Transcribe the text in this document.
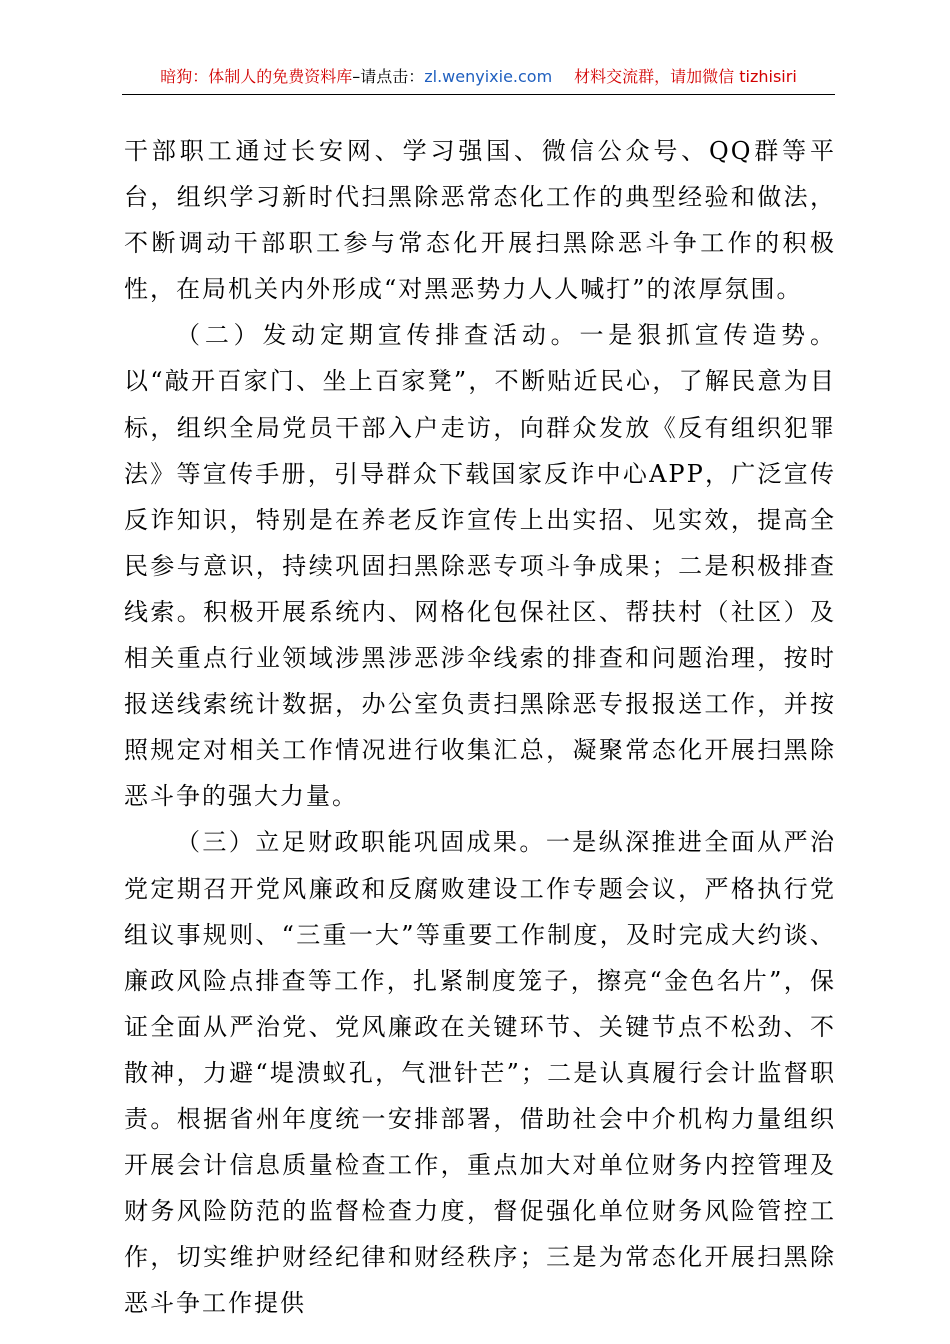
暗狗：体制人的免费资料库–请点击：zl.wenyixie.com 材料交流群，请加微信 tizhisiri

干部职工通过长安网、学习强国、微信公众号、QQ群等平台，组织学习新时代扫黑除恶常态化工作的典型经验和做法，不断调动干部职工参与常态化开展扫黑除恶斗争工作的积极性，在局机关内外形成“对黑恶势力人人喊打”的浓厚氛围。

（二）发动定期宣传排查活动。一是狠抓宣传造势。以“敲开百家门、坐上百家凳”，不断贴近民心，了解民意为目标，组织全局党员干部入户走访，向群众发放《反有组织犯罪法》等宣传手册，引导群众下载国家反诈中心APP，广泛宣传反诈知识，特别是在养老反诈宣传上出实招、见实效，提高全民参与意识，持续巩固扫黑除恶专项斗争成果；二是积极排查线索。积极开展系统内、网格化包保社区、帮扶村（社区）及相关重点行业领域涉黑涉恶涉伞线索的排查和问题治理，按时报送线索统计数据，办公室负责扫黑除恶专报报送工作，并按照规定对相关工作情况进行收集汇总，凝聚常态化开展扫黑除恶斗争的强大力量。

（三）立足财政职能巩固成果。一是纵深推进全面从严治党定期召开党风廉政和反腐败建设工作专题会议，严格执行党组议事规则、“三重一大”等重要工作制度，及时完成大约谈、廉政风险点排查等工作，扎紧制度笼子，擦亮“金色名片”，保证全面从严治党、党风廉政在关键环节、关键节点不松劲、不散神，力避“堤溃蚁孔，气泄针芒”；二是认真履行会计监督职责。根据省州年度统一安排部署，借助社会中介机构力量组织开展会计信息质量检查工作，重点加大对单位财务内控管理及财务风险防范的监督检查力度，督促强化单位财务风险管控工作，切实维护财经纪律和财经秩序；三是为常态化开展扫黑除恶斗争工作提供
